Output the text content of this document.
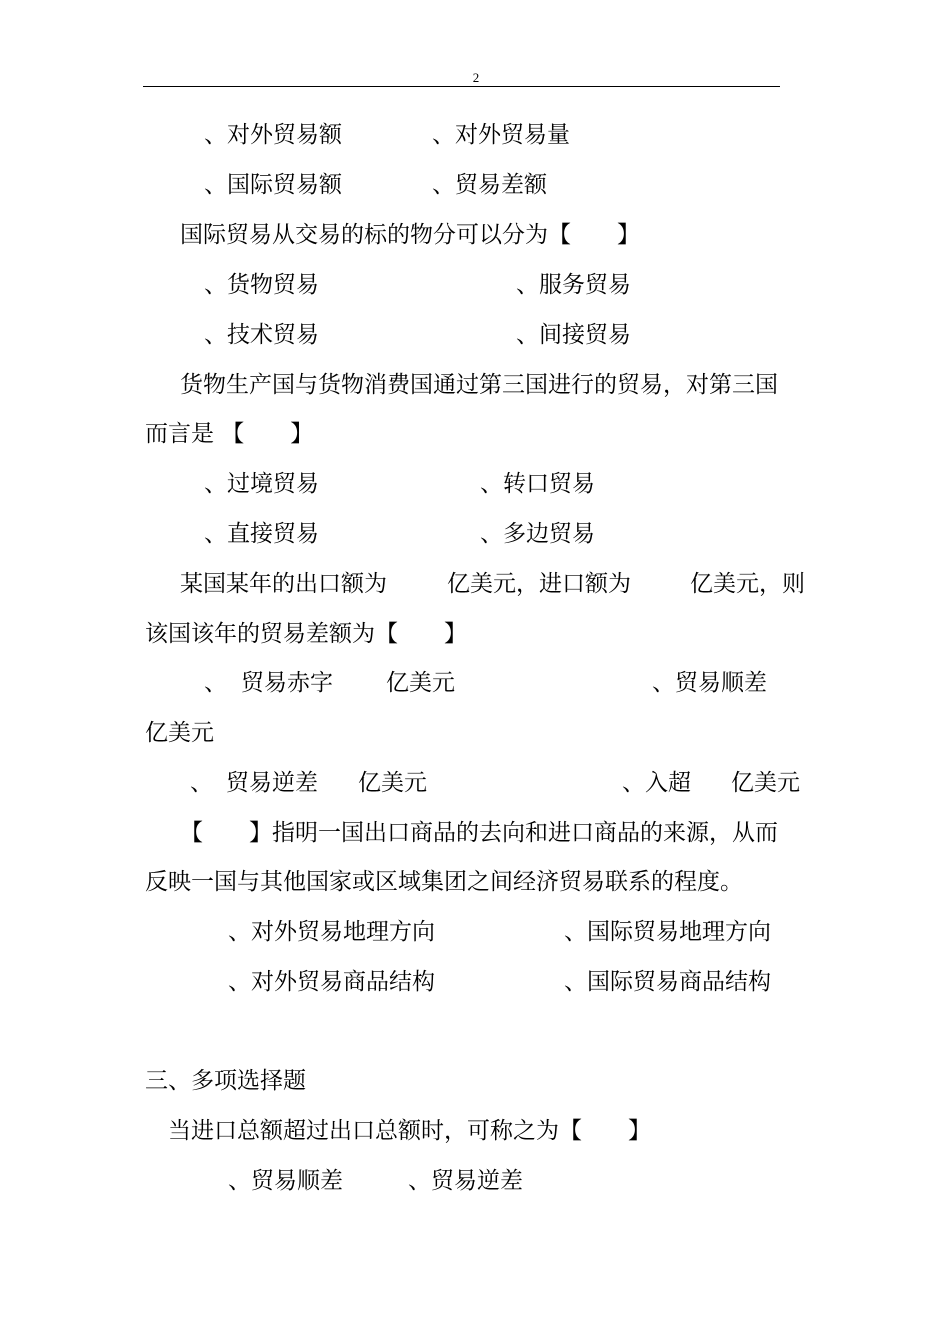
2
、对外贸易额	、对外贸易量
、国际贸易额	、贸易差额
国际贸易从交易的标的物分可以分为【　　】
、货物贸易	、服务贸易
、技术贸易	、间接贸易
货物生产国与货物消费国通过第三国进行的贸易，对第三国
而言是 【　　】
、过境贸易	、转口贸易
、直接贸易	、多边贸易
某国某年的出口额为	亿美元，进口额为	亿美元，则
该国该年的贸易差额为【　　】
、 贸易赤字 亿美元	、贸易顺差
亿美元
、 贸易逆差 亿美元	、入超 亿美元
【　　】指明一国出口商品的去向和进口商品的来源，从而
反映一国与其他国家或区域集团之间经济贸易联系的程度。
、对外贸易地理方向	、国际贸易地理方向
、对外贸易商品结构	、国际贸易商品结构
三、多项选择题
当进口总额超过出口总额时，可称之为【　　】
、贸易顺差	、贸易逆差
